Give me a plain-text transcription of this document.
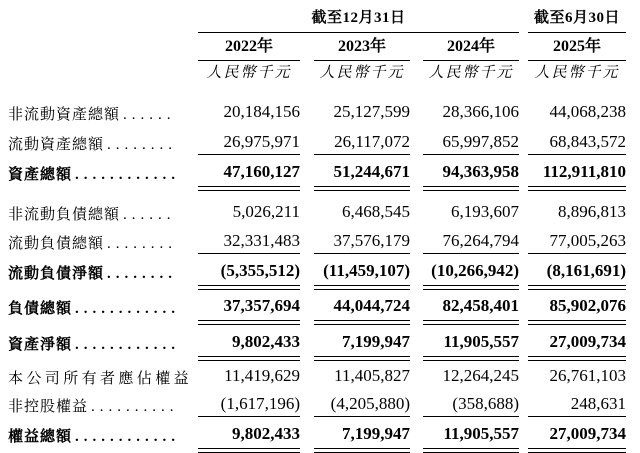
	截至12月31日						截至6月30日
	2022年		2023年		2024年		2025年
	人民幣千元		人民幣千元		人民幣千元		人民幣千元

非流動資產總額 ......	20,184,156		25,127,599		28,366,106		44,068,238

流動資產總額 ........	26,975,971		26,117,072		65,997,852		68,843,572

資產總額 ............	47,160,127		51,244,671		94,363,958		112,911,810

非流動負債總額 ......	5,026,211		6,468,545		6,193,607		8,896,813

流動負債總額 ........	32,331,483		37,576,179		76,264,794		77,005,263

流動負債淨額 ........	(5,355,512)		(11,459,107)		(10,266,942)		(8,161,691)

負債總額 ............	37,357,694		44,044,724		82,458,401		85,902,076

資產淨額 ............	9,802,433		7,199,947		11,905,557		27,009,734

本公司所有者應佔權益	11,419,629		11,405,827		12,264,245		26,761,103

非控股權益 ..........	(1,617,196)		(4,205,880)		(358,688)		248,631

權益總額 ............	9,802,433		7,199,947		11,905,557		27,009,734
